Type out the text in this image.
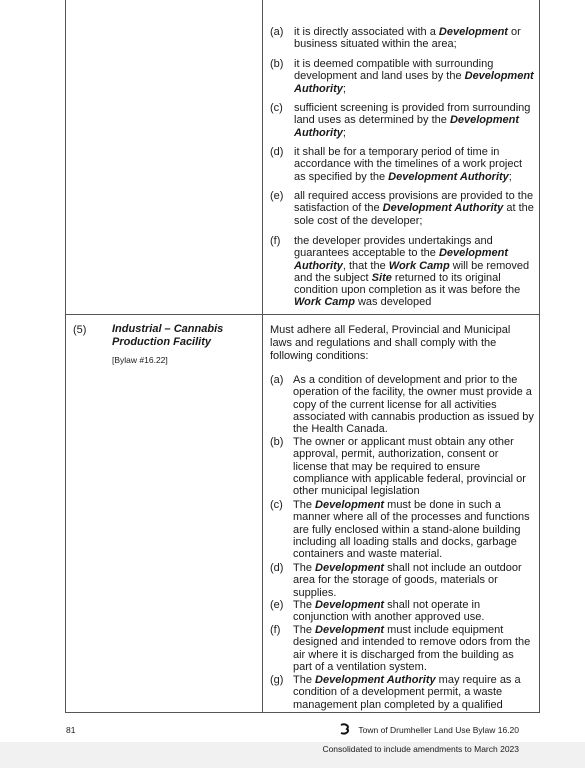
(a) it is directly associated with a Development or business situated within the area;
(b) it is deemed compatible with surrounding development and land uses by the Development Authority;
(c) sufficient screening is provided from surrounding land uses as determined by the Development Authority;
(d) it shall be for a temporary period of time in accordance with the timelines of a work project as specified by the Development Authority;
(e) all required access provisions are provided to the satisfaction of the Development Authority at the sole cost of the developer;
(f) the developer provides undertakings and guarantees acceptable to the Development Authority, that the Work Camp will be removed and the subject Site returned to its original condition upon completion as it was before the Work Camp was developed
(5) Industrial – Cannabis Production Facility
[Bylaw #16.22]
Must adhere all Federal, Provincial and Municipal laws and regulations and shall comply with the following conditions:
(a) As a condition of development and prior to the operation of the facility, the owner must provide a copy of the current license for all activities associated with cannabis production as issued by the Health Canada.
(b) The owner or applicant must obtain any other approval, permit, authorization, consent or license that may be required to ensure compliance with applicable federal, provincial or other municipal legislation
(c) The Development must be done in such a manner where all of the processes and functions are fully enclosed within a stand-alone building including all loading stalls and docks, garbage containers and waste material.
(d) The Development shall not include an outdoor area for the storage of goods, materials or supplies.
(e) The Development shall not operate in conjunction with another approved use.
(f) The Development must include equipment designed and intended to remove odors from the air where it is discharged from the building as part of a ventilation system.
(g) The Development Authority may require as a condition of a development permit, a waste management plan completed by a qualified
81	Town of Drumheller Land Use Bylaw 16.20
Consolidated to include amendments to March 2023
